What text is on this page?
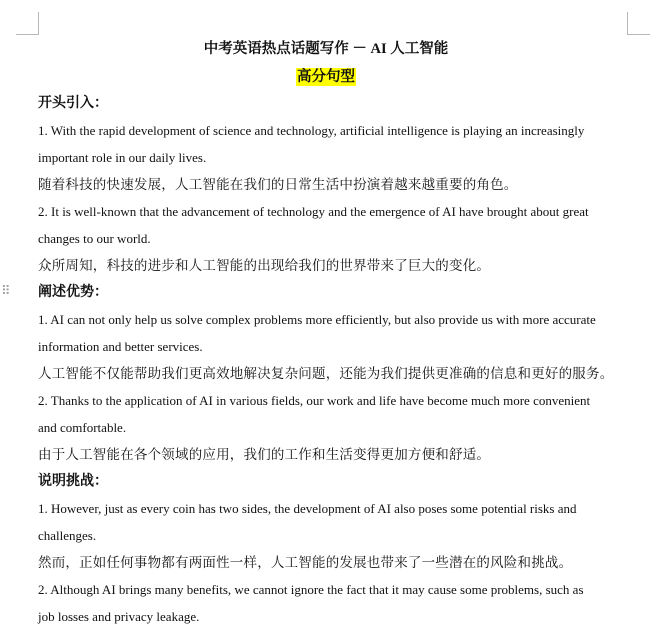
⠿
中考英语热点话题写作 － AI 人工智能
高分句型
开头引入：
1. With the rapid development of science and technology, artificial intelligence is playing an increasingly
important role in our daily lives.
随着科技的快速发展，人工智能在我们的日常生活中扮演着越来越重要的角色。
2. It is well-known that the advancement of technology and the emergence of AI have brought about great
changes to our world.
众所周知，科技的进步和人工智能的出现给我们的世界带来了巨大的变化。
阐述优势：
1. AI can not only help us solve complex problems more efficiently, but also provide us with more accurate
information and better services.
人工智能不仅能帮助我们更高效地解决复杂问题，还能为我们提供更准确的信息和更好的服务。
2. Thanks to the application of AI in various fields, our work and life have become much more convenient
and comfortable.
由于人工智能在各个领域的应用，我们的工作和生活变得更加方便和舒适。
说明挑战：
1. However, just as every coin has two sides, the development of AI also poses some potential risks and
challenges.
然而，正如任何事物都有两面性一样，人工智能的发展也带来了一些潜在的风险和挑战。
2. Although AI brings many benefits, we cannot ignore the fact that it may cause some problems, such as
job losses and privacy leakage.
